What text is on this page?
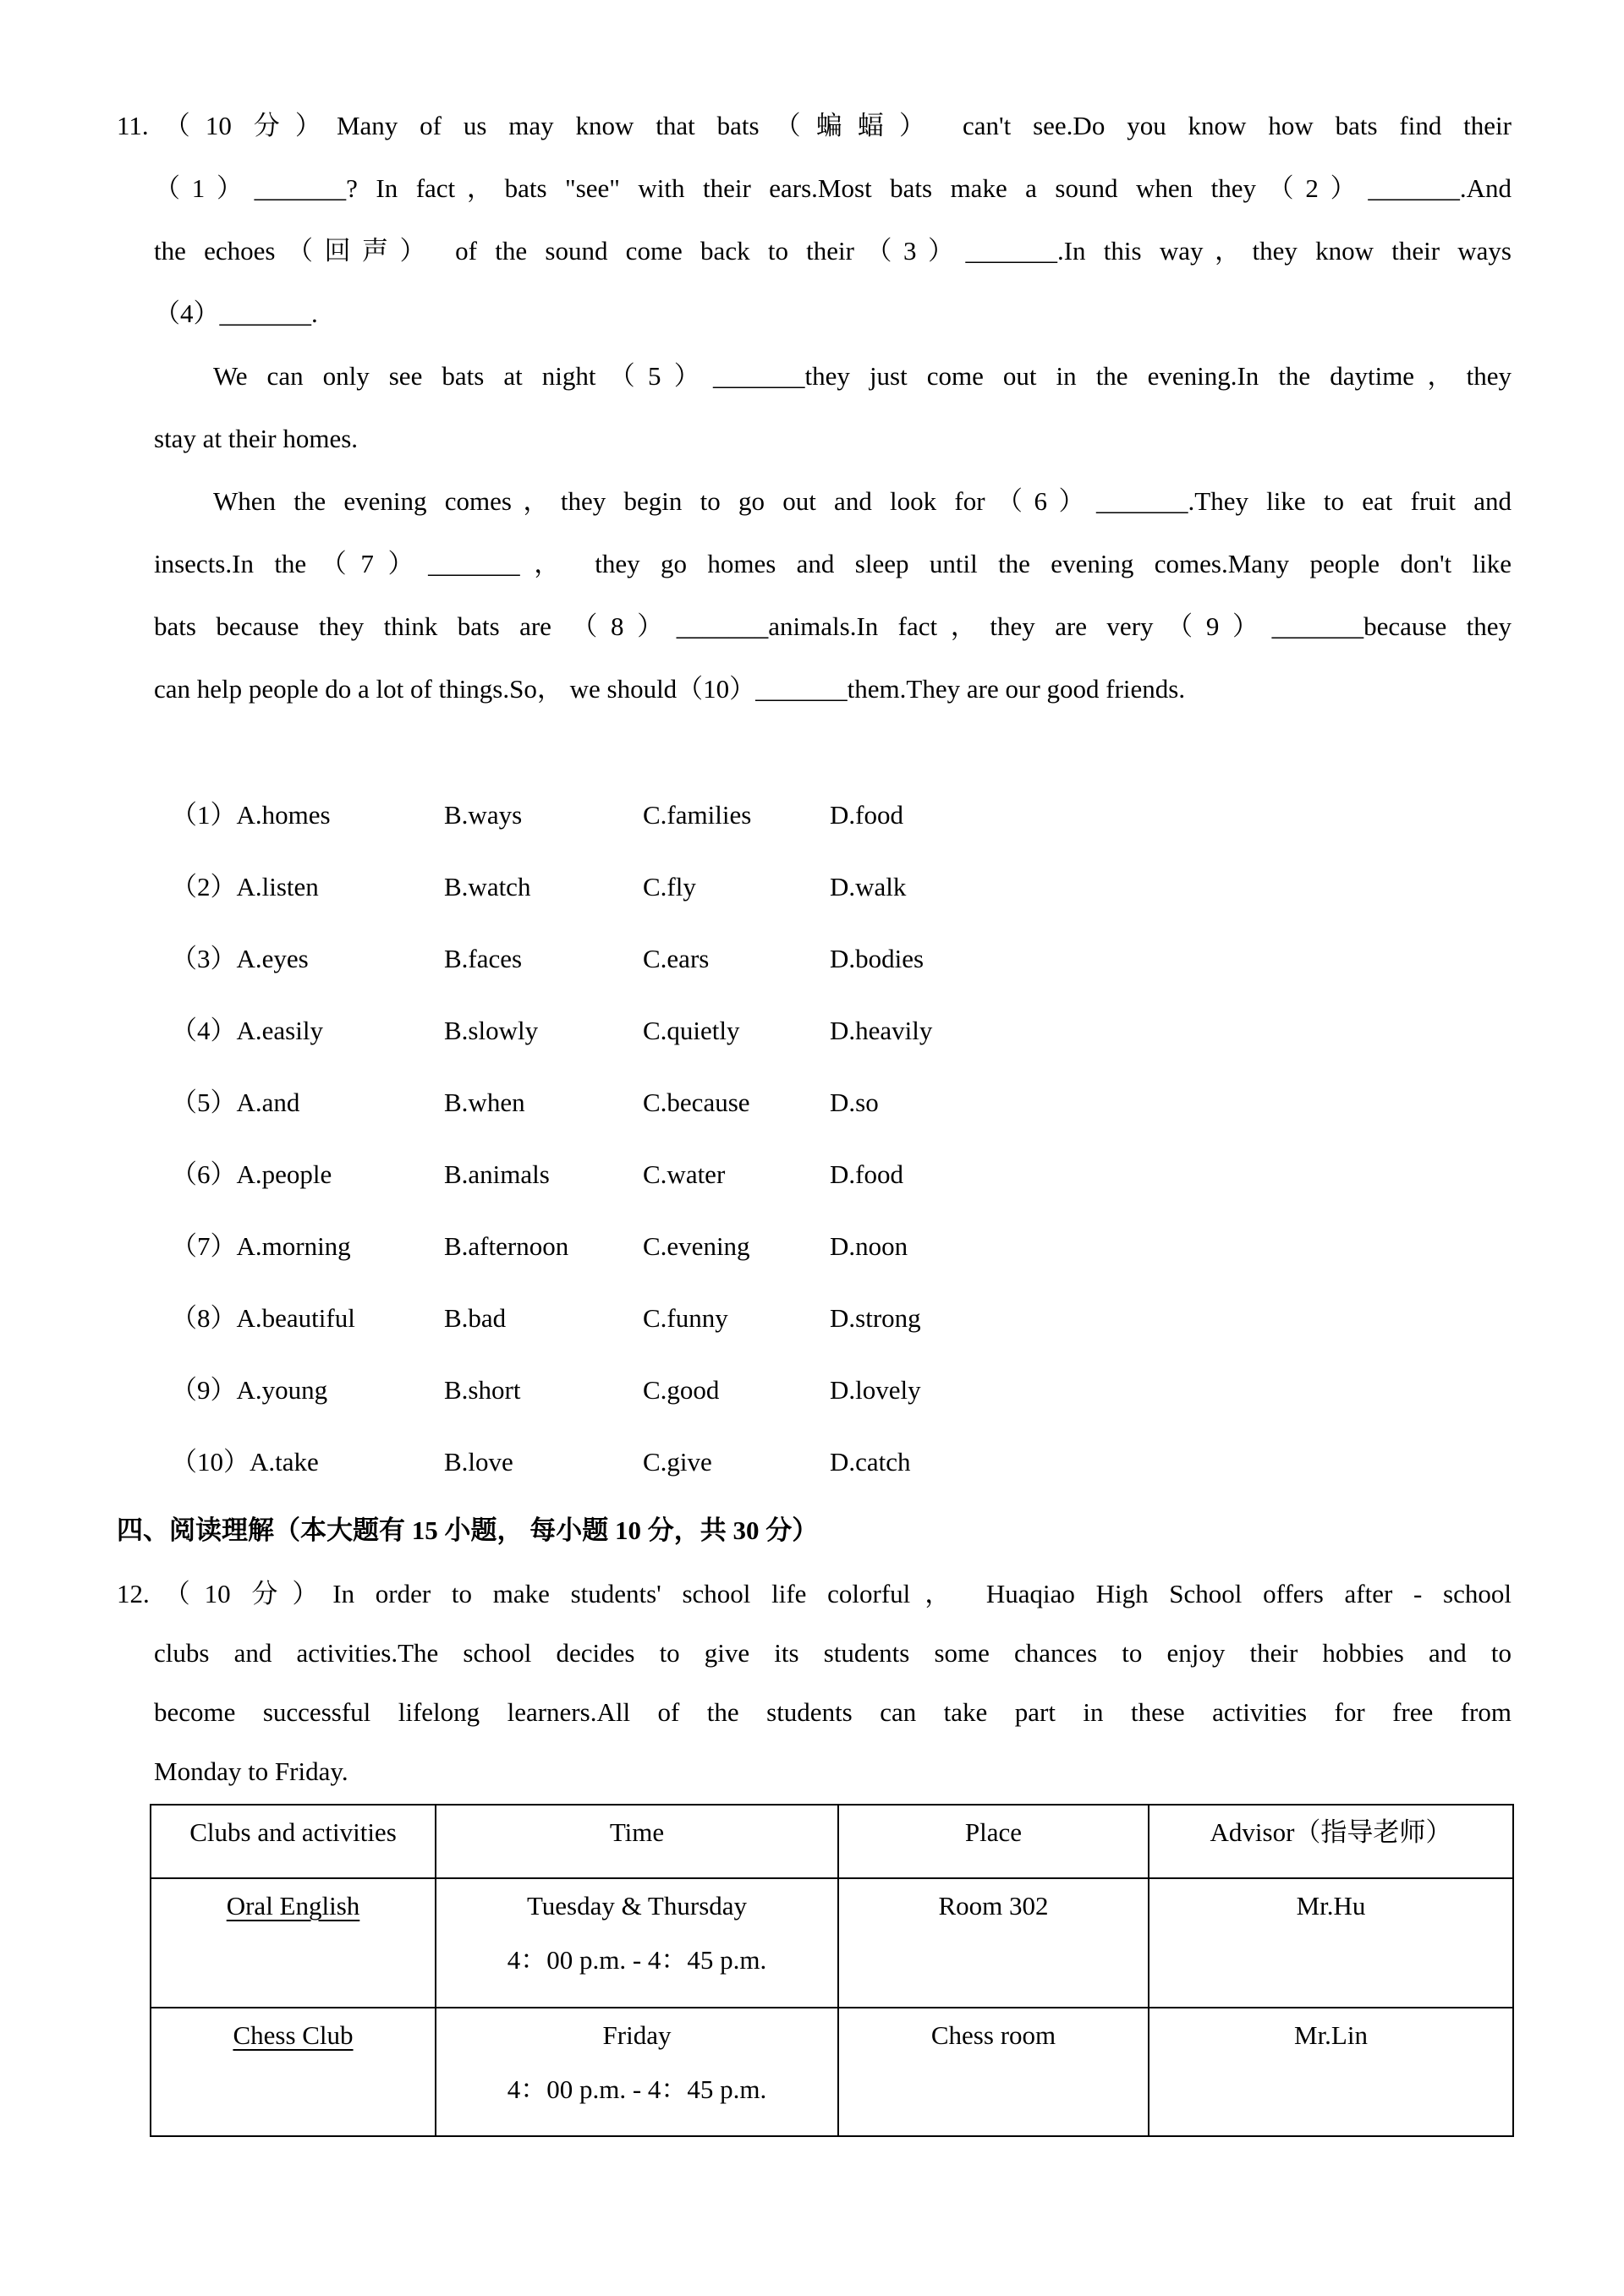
11.（10 分）Many of us may know that bats（蝙蝠） can't see.Do you know how bats find their
（1）_______? In fact，bats "see" with their ears.Most bats make a sound when they（2）_______.And
the echoes（回声） of the sound come back to their（3）_______.In this way，they know their ways
（4）_______.
We can only see bats at night（5）_______they just come out in the evening.In the daytime，they
stay at their homes.
When the evening comes，they begin to go out and look for（6）_______.They like to eat fruit and
insects.In the（7）_______， they go homes and sleep until the evening comes.Many people don't like
bats because they think bats are （8）_______animals.In fact，they are very（9）_______because they
can help people do a lot of things.So， we should（10）_______them.They are our good friends.
（1）A.homes	B.ways	C.families	D.food
（2）A.listen	B.watch	C.fly	D.walk
（3）A.eyes	B.faces	C.ears	D.bodies
（4）A.easily	B.slowly	C.quietly	D.heavily
（5）A.and	B.when	C.because	D.so
（6）A.people	B.animals	C.water	D.food
（7）A.morning	B.afternoon	C.evening	D.noon
（8）A.beautiful	B.bad	C.funny	D.strong
（9）A.young	B.short	C.good	D.lovely
（10）A.take	B.love	C.give	D.catch
四、阅读理解（本大题有 15 小题， 每小题 10 分，共 30 分）
12.（10 分）In order to make students' school life colorful， Huaqiao High School offers after - school
clubs and activities.The school decides to give its students some chances to enjoy their hobbies and to
become successful lifelong learners.All of the students can take part in these activities for free from
Monday to Friday.
Clubs and activities	Time	Place	Advisor（指导老师）

Oral English	Tuesday & Thursday
4：00 p.m. - 4：45 p.m.	Room 302	Mr.Hu

Chess Club	Friday
4：00 p.m. - 4：45 p.m.	Chess room	Mr.Lin
